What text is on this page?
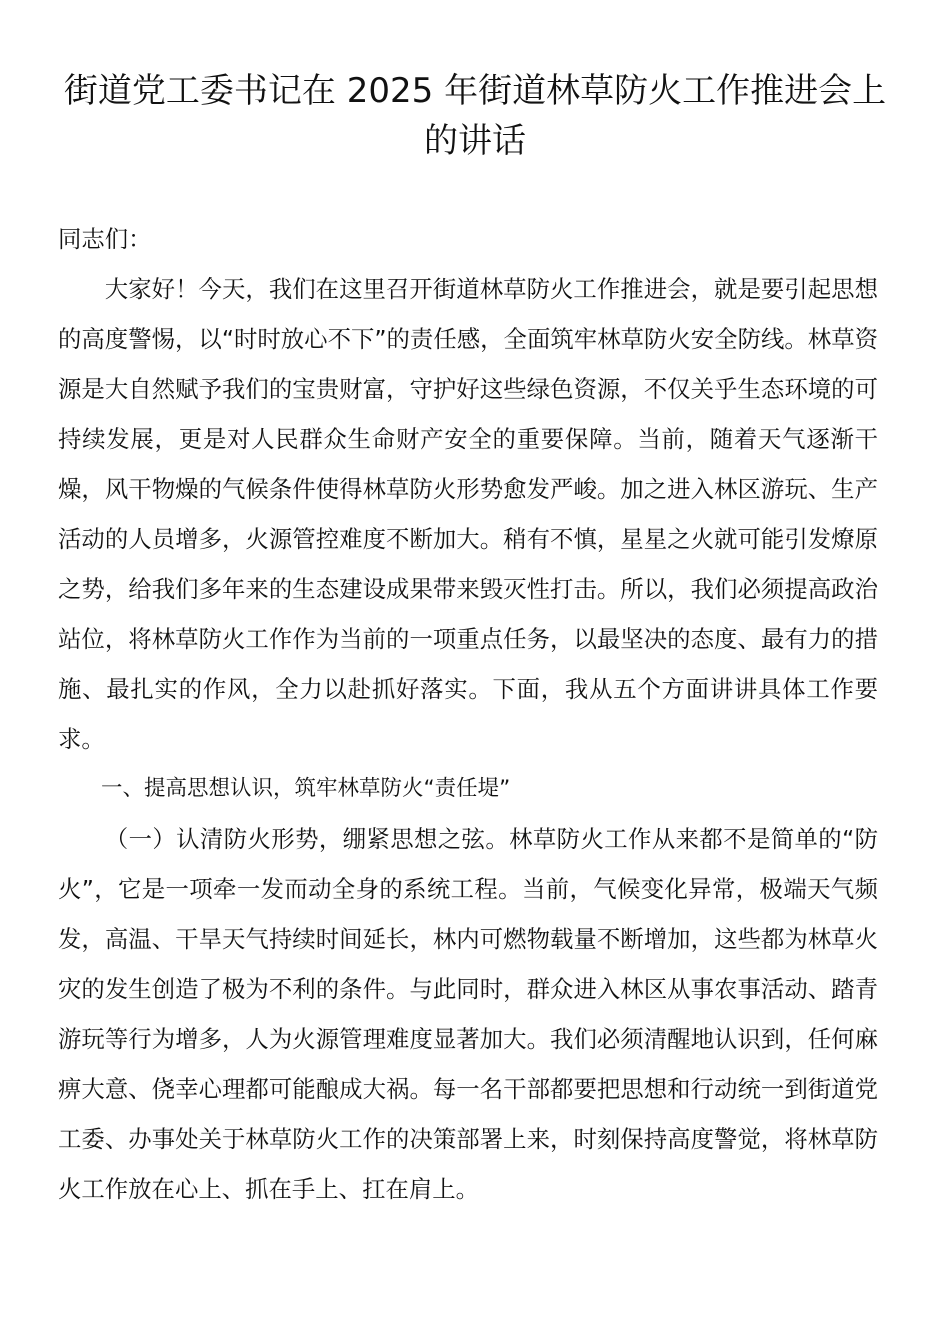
街道党工委书记在 2025 年街道林草防火工作推进会上的讲话

同志们：

大家好！今天，我们在这里召开街道林草防火工作推进会，就是要引起思想的高度警惕，以“时时放心不下”的责任感，全面筑牢林草防火安全防线。林草资源是大自然赋予我们的宝贵财富，守护好这些绿色资源，不仅关乎生态环境的可持续发展，更是对人民群众生命财产安全的重要保障。当前，随着天气逐渐干燥，风干物燥的气候条件使得林草防火形势愈发严峻。加之进入林区游玩、生产活动的人员增多，火源管控难度不断加大。稍有不慎，星星之火就可能引发燎原之势，给我们多年来的生态建设成果带来毁灭性打击。所以，我们必须提高政治站位，将林草防火工作作为当前的一项重点任务，以最坚决的态度、最有力的措施、最扎实的作风，全力以赴抓好落实。下面，我从五个方面讲讲具体工作要求。

一、提高思想认识，筑牢林草防火“责任堤”

（一）认清防火形势，绷紧思想之弦。林草防火工作从来都不是简单的“防火”，它是一项牵一发而动全身的系统工程。当前，气候变化异常，极端天气频发，高温、干旱天气持续时间延长，林内可燃物载量不断增加，这些都为林草火灾的发生创造了极为不利的条件。与此同时，群众进入林区从事农事活动、踏青游玩等行为增多，人为火源管理难度显著加大。我们必须清醒地认识到，任何麻痹大意、侥幸心理都可能酿成大祸。每一名干部都要把思想和行动统一到街道党工委、办事处关于林草防火工作的决策部署上来，时刻保持高度警觉，将林草防火工作放在心上、抓在手上、扛在肩上。
